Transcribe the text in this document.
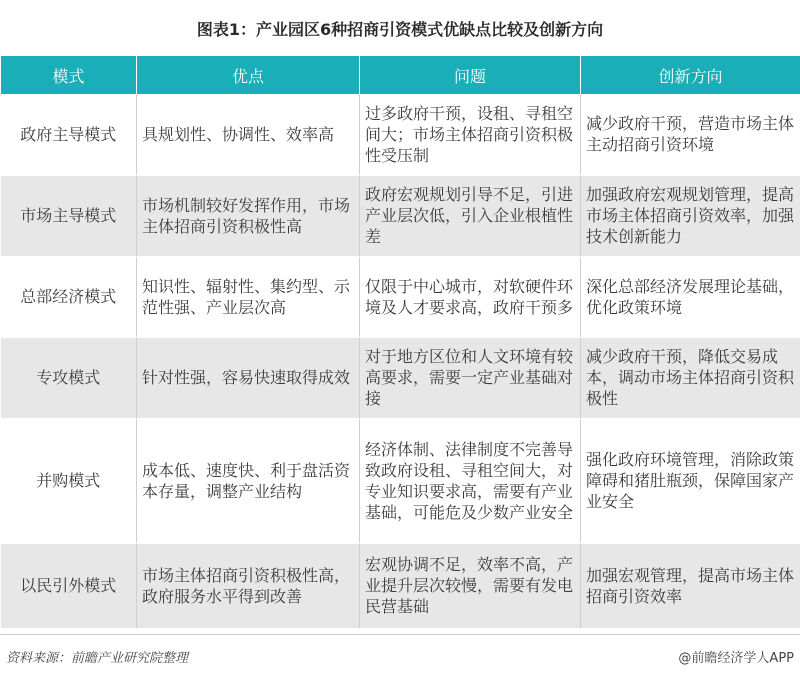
图表1：产业园区6种招商引资模式优缺点比较及创新方向
模式	优点	问题	创新方向
政府主导模式	具规划性、协调性、效率高	过多政府干预，设租、寻租空间大；市场主体招商引资积极性受压制	减少政府干预，营造市场主体主动招商引资环境
市场主导模式	市场机制较好发挥作用，市场主体招商引资积极性高	政府宏观规划引导不足，引进产业层次低，引入企业根植性差	加强政府宏观规划管理，提高市场主体招商引资效率，加强技术创新能力
总部经济模式	知识性、辐射性、集约型、示范性强、产业层次高	仅限于中心城市，对软硬件环境及人才要求高，政府干预多	深化总部经济发展理论基础，优化政策环境
专攻模式	针对性强，容易快速取得成效	对于地方区位和人文环境有较高要求，需要一定产业基础对接	减少政府干预，降低交易成本，调动市场主体招商引资积极性
并购模式	成本低、速度快、利于盘活资本存量，调整产业结构	经济体制、法律制度不完善导致政府设租、寻租空间大，对专业知识要求高，需要有产业基础，可能危及少数产业安全	强化政府环境管理，消除政策障碍和猪肚瓶颈，保障国家产业安全
以民引外模式	市场主体招商引资积极性高，政府服务水平得到改善	宏观协调不足，效率不高，产业提升层次较慢，需要有发电民营基础	加强宏观管理，提高市场主体招商引资效率
资料来源：前瞻产业研究院整理	@前瞻经济学人APP
